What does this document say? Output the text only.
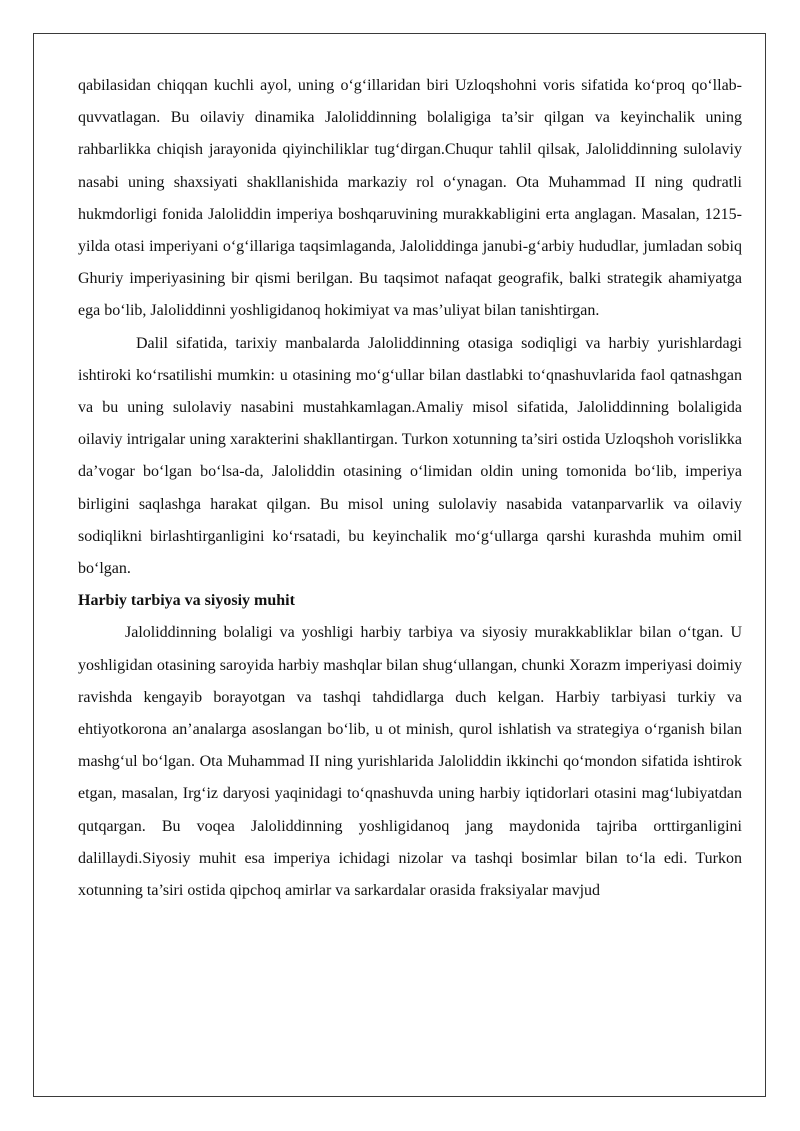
qabilasidan chiqqan kuchli ayol, uning o‘g‘illaridan biri Uzloqshohni voris sifatida ko‘proq qo‘llab-quvvatlagan. Bu oilaviy dinamika Jaloliddinning bolaligiga ta’sir qilgan va keyinchalik uning rahbarlikka chiqish jarayonida qiyinchiliklar tug‘dirgan.Chuqur tahlil qilsak, Jaloliddinning sulolaviy nasabi uning shaxsiyati shakllanishida markaziy rol o‘ynagan. Ota Muhammad II ning qudratli hukmdorligi fonida Jaloliddin imperiya boshqaruvining murakkabligini erta anglagan. Masalan, 1215-yilda otasi imperiyani o‘g‘illariga taqsimlaganda, Jaloliddinga janubi-g‘arbiy hududlar, jumladan sobiq Ghuriy imperiyasining bir qismi berilgan. Bu taqsimot nafaqat geografik, balki strategik ahamiyatga ega bo‘lib, Jaloliddinni yoshligidanoq hokimiyat va mas’uliyat bilan tanishtirgan.

Dalil sifatida, tarixiy manbalarda Jaloliddinning otasiga sodiqligi va harbiy yurishlardagi ishtiroki ko‘rsatilishi mumkin: u otasining mo‘g‘ullar bilan dastlabki to‘qnashuvlarida faol qatnashgan va bu uning sulolaviy nasabini mustahkamlagan.Amaliy misol sifatida, Jaloliddinning bolaligida oilaviy intrigalar uning xarakterini shakllantirgan. Turkon xotunning ta’siri ostida Uzloqshoh vorislikka da’vogar bo‘lgan bo‘lsa-da, Jaloliddin otasining o‘limidan oldin uning tomonida bo‘lib, imperiya birligini saqlashga harakat qilgan. Bu misol uning sulolaviy nasabida vatanparvarlik va oilaviy sodiqlikni birlashtirganligini ko‘rsatadi, bu keyinchalik mo‘g‘ullarga qarshi kurashda muhim omil bo‘lgan.

Harbiy tarbiya va siyosiy muhit

Jaloliddinning bolaligi va yoshligi harbiy tarbiya va siyosiy murakkabliklar bilan o‘tgan. U yoshligidan otasining saroyida harbiy mashqlar bilan shug‘ullangan, chunki Xorazm imperiyasi doimiy ravishda kengayib borayotgan va tashqi tahdidlarga duch kelgan. Harbiy tarbiyasi turkiy va ehtiyotkorona an’analarga asoslangan bo‘lib, u ot minish, qurol ishlatish va strategiya o‘rganish bilan mashg‘ul bo‘lgan. Ota Muhammad II ning yurishlarida Jaloliddin ikkinchi qo‘mondon sifatida ishtirok etgan, masalan, Irg‘iz daryosi yaqinidagi to‘qnashuvda uning harbiy iqtidorlari otasini mag‘lubiyatdan qutqargan. Bu voqea Jaloliddinning yoshligidanoq jang maydonida tajriba orttirganligini dalillaydi.Siyosiy muhit esa imperiya ichidagi nizolar va tashqi bosimlar bilan to‘la edi. Turkon xotunning ta’siri ostida qipchoq amirlar va sarkardalar orasida fraksiyalar mavjud
